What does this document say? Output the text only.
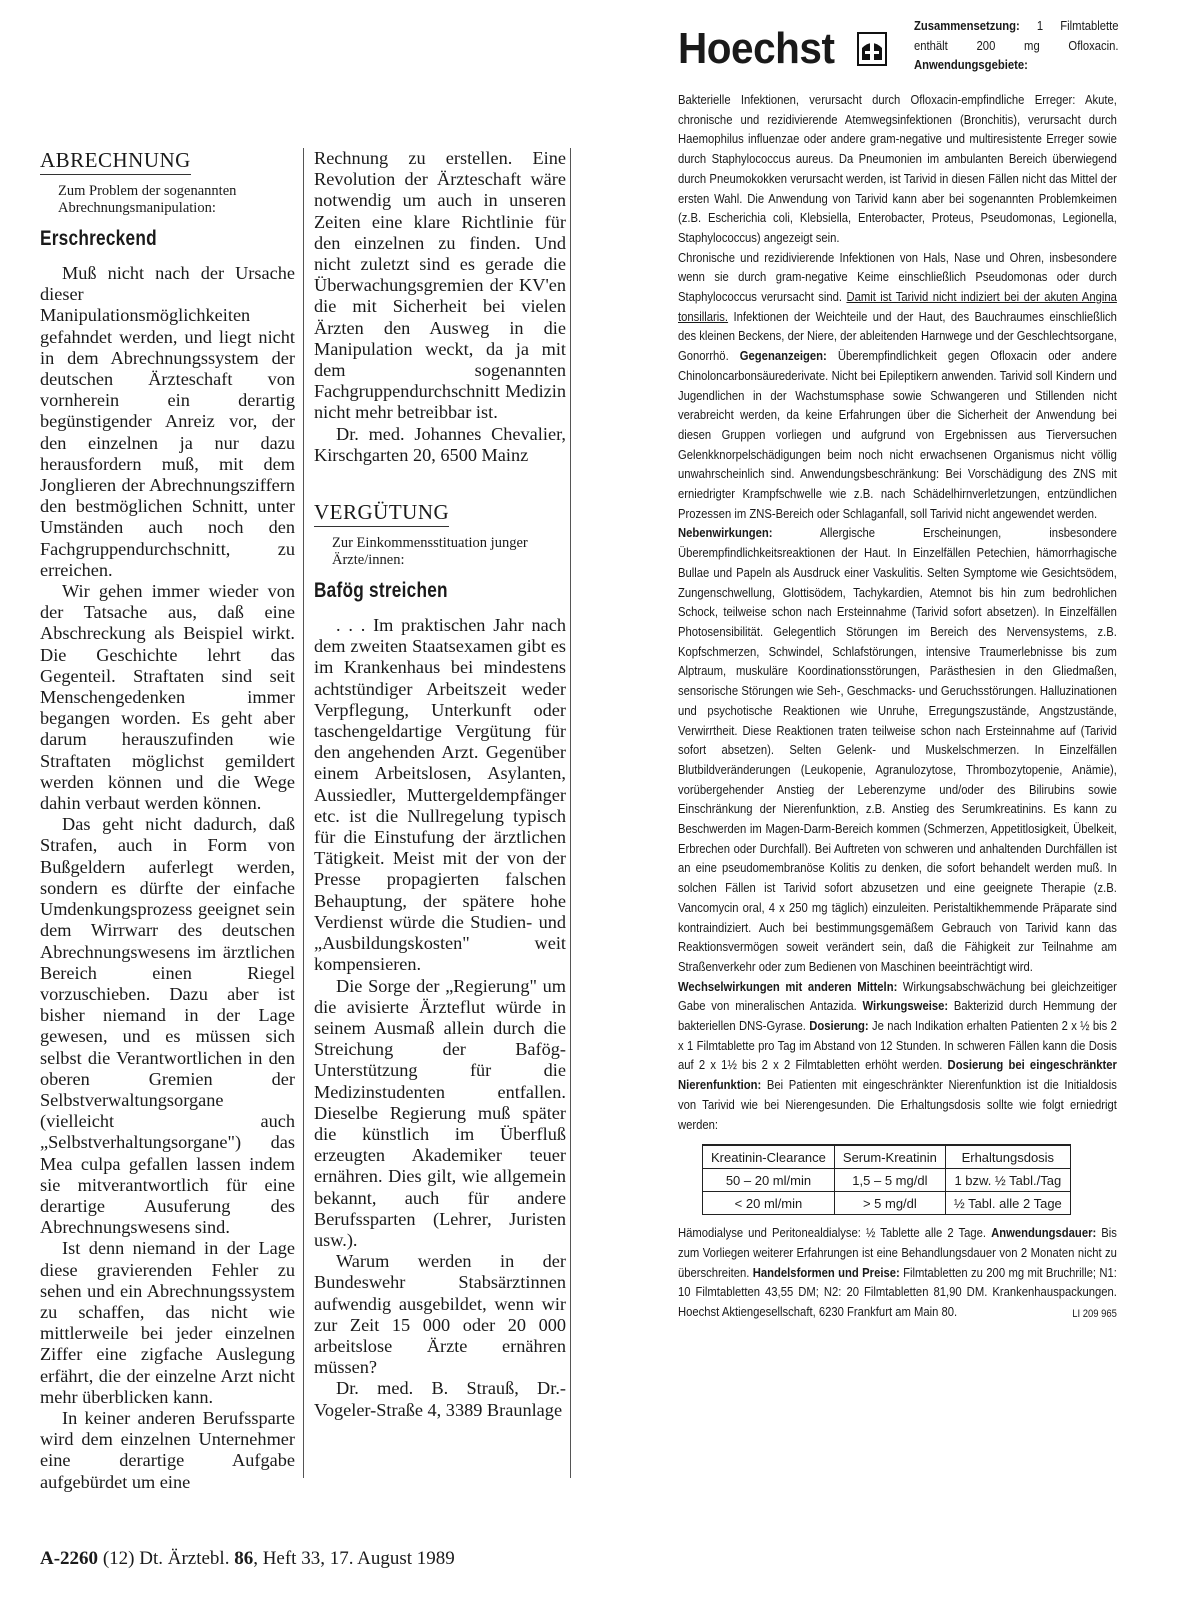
ABRECHNUNG

Zum Problem der sogenannten Abrechnungsmanipulation:

Erschreckend

Muß nicht nach der Ursache dieser Manipulationsmöglichkeiten gefahndet werden, und liegt nicht in dem Abrechnungssystem der deutschen Ärzteschaft von vornherein ein derartig begünstigender Anreiz vor, der den einzelnen ja nur dazu herausfordern muß, mit dem Jonglieren der Abrechnungsziffern den bestmöglichen Schnitt, unter Umständen auch noch den Fachgruppendurchschnitt, zu erreichen.

Wir gehen immer wieder von der Tatsache aus, daß eine Abschreckung als Beispiel wirkt. Die Geschichte lehrt das Gegenteil. Straftaten sind seit Menschengedenken immer begangen worden. Es geht aber darum herauszufinden wie Straftaten möglichst gemildert werden können und die Wege dahin verbaut werden können.

Das geht nicht dadurch, daß Strafen, auch in Form von Bußgeldern auferlegt werden, sondern es dürfte der einfache Umdenkungsprozess geeignet sein dem Wirrwarr des deutschen Abrechnungswesens im ärztlichen Bereich einen Riegel vorzuschieben. Dazu aber ist bisher niemand in der Lage gewesen, und es müssen sich selbst die Verantwortlichen in den oberen Gremien der Selbstverwaltungsorgane (vielleicht auch „Selbstverhaltungsorgane") das Mea culpa gefallen lassen indem sie mitverantwortlich für eine derartige Ausuferung des Abrechnungswesens sind.

Ist denn niemand in der Lage diese gravierenden Fehler zu sehen und ein Abrechnungssystem zu schaffen, das nicht wie mittlerweile bei jeder einzelnen Ziffer eine zigfache Auslegung erfährt, die der einzelne Arzt nicht mehr überblicken kann.

In keiner anderen Berufssparte wird dem einzelnen Unternehmer eine derartige Aufgabe aufgebürdet um eine

Rechnung zu erstellen. Eine Revolution der Ärzteschaft wäre notwendig um auch in unseren Zeiten eine klare Richtlinie für den einzelnen zu finden. Und nicht zuletzt sind es gerade die Überwachungsgremien der KV'en die mit Sicherheit bei vielen Ärzten den Ausweg in die Manipulation weckt, da ja mit dem sogenannten Fachgruppendurchschnitt Medizin nicht mehr betreibbar ist.

Dr. med. Johannes Chevalier, Kirschgarten 20, 6500 Mainz

VERGÜTUNG

Zur Einkommensstituation junger Ärzte/innen:

Bafög streichen

. . . Im praktischen Jahr nach dem zweiten Staatsexamen gibt es im Krankenhaus bei mindestens achtstündiger Arbeitszeit weder Verpflegung, Unterkunft oder taschengeldartige Vergütung für den angehenden Arzt. Gegenüber einem Arbeitslosen, Asylanten, Aussiedler, Muttergeldempfänger etc. ist die Nullregelung typisch für die Einstufung der ärztlichen Tätigkeit. Meist mit der von der Presse propagierten falschen Behauptung, der spätere hohe Verdienst würde die Studien- und „Ausbildungskosten" weit kompensieren.

Die Sorge der „Regierung" um die avisierte Ärzteflut würde in seinem Ausmaß allein durch die Streichung der Bafög-Unterstützung für die Medizinstudenten entfallen. Dieselbe Regierung muß später die künstlich im Überfluß erzeugten Akademiker teuer ernähren. Dies gilt, wie allgemein bekannt, auch für andere Berufssparten (Lehrer, Juristen usw.).

Warum werden in der Bundeswehr Stabsärztinnen aufwendig ausgebildet, wenn wir zur Zeit 15 000 oder 20 000 arbeitslose Ärzte ernähren müssen?

Dr. med. B. Strauß, Dr.-Vogeler-Straße 4, 3389 Braunlage

A-2260 (12) Dt. Ärztebl. 86, Heft 33, 17. August 1989
Hoechst	Zusammensetzung: 1 Filmtablette enthält 200 mg Ofloxacin. Anwendungsgebiete:

Bakterielle Infektionen, verursacht durch Ofloxacin-empfindliche Erreger: Akute, chronische und rezidivierende Atemwegsinfektionen (Bronchitis), verursacht durch Haemophilus influenzae oder andere gram-negative und multiresistente Erreger sowie durch Staphylococcus aureus. Da Pneumonien im ambulanten Bereich überwiegend durch Pneumokokken verursacht werden, ist Tarivid in diesen Fällen nicht das Mittel der ersten Wahl. Die Anwendung von Tarivid kann aber bei sogenannten Problemkeimen (z.B. Escherichia coli, Klebsiella, Enterobacter, Proteus, Pseudomonas, Legionella, Staphylococcus) angezeigt sein.

Chronische und rezidivierende Infektionen von Hals, Nase und Ohren, insbesondere wenn sie durch gram-negative Keime einschließlich Pseudomonas oder durch Staphylococcus verursacht sind. Damit ist Tarivid nicht indiziert bei der akuten Angina tonsillaris. Infektionen der Weichteile und der Haut, des Bauchraumes einschließlich des kleinen Beckens, der Niere, der ableitenden Harnwege und der Geschlechtsorgane, Gonorrhö. Gegenanzeigen: Überempfindlichkeit gegen Ofloxacin oder andere Chinoloncarbonsäurederivate. Nicht bei Epileptikern anwenden. Tarivid soll Kindern und Jugendlichen in der Wachstumsphase sowie Schwangeren und Stillenden nicht verabreicht werden, da keine Erfahrungen über die Sicherheit der Anwendung bei diesen Gruppen vorliegen und aufgrund von Ergebnissen aus Tierversuchen Gelenkknorpelschädigungen beim noch nicht erwachsenen Organismus nicht völlig unwahrscheinlich sind. Anwendungsbeschränkung: Bei Vorschädigung des ZNS mit erniedrigter Krampfschwelle wie z.B. nach Schädelhirnverletzungen, entzündlichen Prozessen im ZNS-Bereich oder Schlaganfall, soll Tarivid nicht angewendet werden.

Nebenwirkungen: Allergische Erscheinungen, insbesondere Überempfindlichkeitsreaktionen der Haut. In Einzelfällen Petechien, hämorrhagische Bullae und Papeln als Ausdruck einer Vaskulitis. Selten Symptome wie Gesichtsödem, Zungenschwellung, Glottisödem, Tachykardien, Atemnot bis hin zum bedrohlichen Schock, teilweise schon nach Ersteinnahme (Tarivid sofort absetzen). In Einzelfällen Photosensibilität. Gelegentlich Störungen im Bereich des Nervensystems, z.B. Kopfschmerzen, Schwindel, Schlafstörungen, intensive Traumerlebnisse bis zum Alptraum, muskuläre Koordinationsstörungen, Parästhesien in den Gliedmaßen, sensorische Störungen wie Seh-, Geschmacks- und Geruchsstörungen. Halluzinationen und psychotische Reaktionen wie Unruhe, Erregungszustände, Angstzustände, Verwirrtheit. Diese Reaktionen traten teilweise schon nach Ersteinnahme auf (Tarivid sofort absetzen). Selten Gelenk- und Muskelschmerzen. In Einzelfällen Blutbildveränderungen (Leukopenie, Agranulozytose, Thrombozytopenie, Anämie), vorübergehender Anstieg der Leberenzyme und/oder des Bilirubins sowie Einschränkung der Nierenfunktion, z.B. Anstieg des Serumkreatinins. Es kann zu Beschwerden im Magen-Darm-Bereich kommen (Schmerzen, Appetitlosigkeit, Übelkeit, Erbrechen oder Durchfall). Bei Auftreten von schweren und anhaltenden Durchfällen ist an eine pseudomembranöse Kolitis zu denken, die sofort behandelt werden muß. In solchen Fällen ist Tarivid sofort abzusetzen und eine geeignete Therapie (z.B. Vancomycin oral, 4 x 250 mg täglich) einzuleiten. Peristaltikhemmende Präparate sind kontraindiziert. Auch bei bestimmungsgemäßem Gebrauch von Tarivid kann das Reaktionsvermögen soweit verändert sein, daß die Fähigkeit zur Teilnahme am Straßenverkehr oder zum Bedienen von Maschinen beeinträchtigt wird.

Wechselwirkungen mit anderen Mitteln: Wirkungsabschwächung bei gleichzeitiger Gabe von mineralischen Antazida. Wirkungsweise: Bakterizid durch Hemmung der bakteriellen DNS-Gyrase. Dosierung: Je nach Indikation erhalten Patienten 2 x ½ bis 2 x 1 Filmtablette pro Tag im Abstand von 12 Stunden. In schweren Fällen kann die Dosis auf 2 x 1½ bis 2 x 2 Filmtabletten erhöht werden. Dosierung bei eingeschränkter Nierenfunktion: Bei Patienten mit eingeschränkter Nierenfunktion ist die Initialdosis von Tarivid wie bei Nierengesunden. Die Erhaltungsdosis sollte wie folgt erniedrigt werden:

Kreatinin-Clearance	Serum-Kreatinin	Erhaltungsdosis
50 – 20 ml/min	1,5 – 5 mg/dl	1 bzw. ½ Tabl./Tag
< 20 ml/min	> 5 mg/dl	½ Tabl. alle 2 Tage

Hämodialyse und Peritonealdialyse: ½ Tablette alle 2 Tage. Anwendungsdauer: Bis zum Vorliegen weiterer Erfahrungen ist eine Behandlungsdauer von 2 Monaten nicht zu überschreiten. Handelsformen und Preise: Filmtabletten zu 200 mg mit Bruchrille; N1: 10 Filmtabletten 43,55 DM; N2: 20 Filmtabletten 81,90 DM. Krankenhauspackungen. Hoechst Aktiengesellschaft, 6230 Frankfurt am Main 80.	LI 209 965
